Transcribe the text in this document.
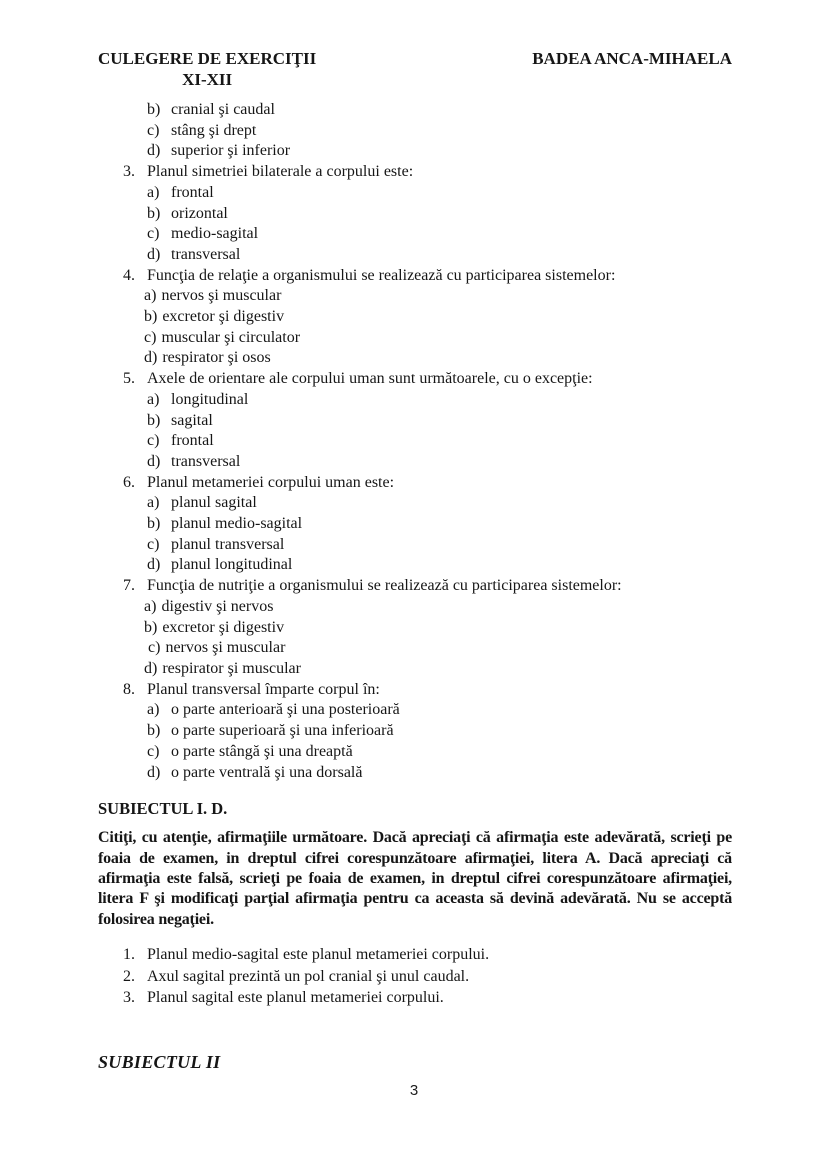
CULEGERE DE EXERCIŢII
XI-XII
BADEA ANCA-MIHAELA
b) cranial şi caudal
c) stâng şi drept
d) superior şi inferior
3. Planul simetriei bilaterale a corpului este:
a) frontal
b) orizontal
c) medio-sagital
d) transversal
4. Funcţia de relaţie a organismului se realizează cu participarea sistemelor:
a) nervos şi muscular
b) excretor şi digestiv
c) muscular şi circulator
d) respirator şi osos
5. Axele de orientare ale corpului uman sunt următoarele, cu o excepţie:
a) longitudinal
b) sagital
c) frontal
d) transversal
6. Planul metameriei corpului uman este:
a) planul sagital
b) planul medio-sagital
c) planul transversal
d) planul longitudinal
7. Funcţia de nutriţie a organismului se realizează cu participarea sistemelor:
a) digestiv şi nervos
b) excretor şi digestiv
c) nervos şi muscular
d) respirator şi muscular
8. Planul transversal împarte corpul în:
a) o parte anterioară şi una posterioară
b) o parte superioară şi una inferioară
c) o parte stângă şi una dreaptă
d) o parte ventrală şi una dorsală
SUBIECTUL I. D.
Citiţi, cu atenţie, afirmaţiile următoare. Dacă apreciaţi că afirmaţia este adevărată, scrieţi pe foaia de examen, in dreptul cifrei corespunzătoare afirmaţiei, litera A. Dacă apreciaţi că afirmaţia este falsă, scrieţi pe foaia de examen, in dreptul cifrei corespunzătoare afirmaţiei, litera F şi modificaţi parţial afirmaţia pentru ca aceasta să devină adevărată. Nu se acceptă folosirea negaţiei.
1. Planul medio-sagital este planul metameriei corpului.
2. Axul sagital prezintă un pol cranial şi unul caudal.
3. Planul sagital este planul metameriei corpului.
SUBIECTUL II
3
